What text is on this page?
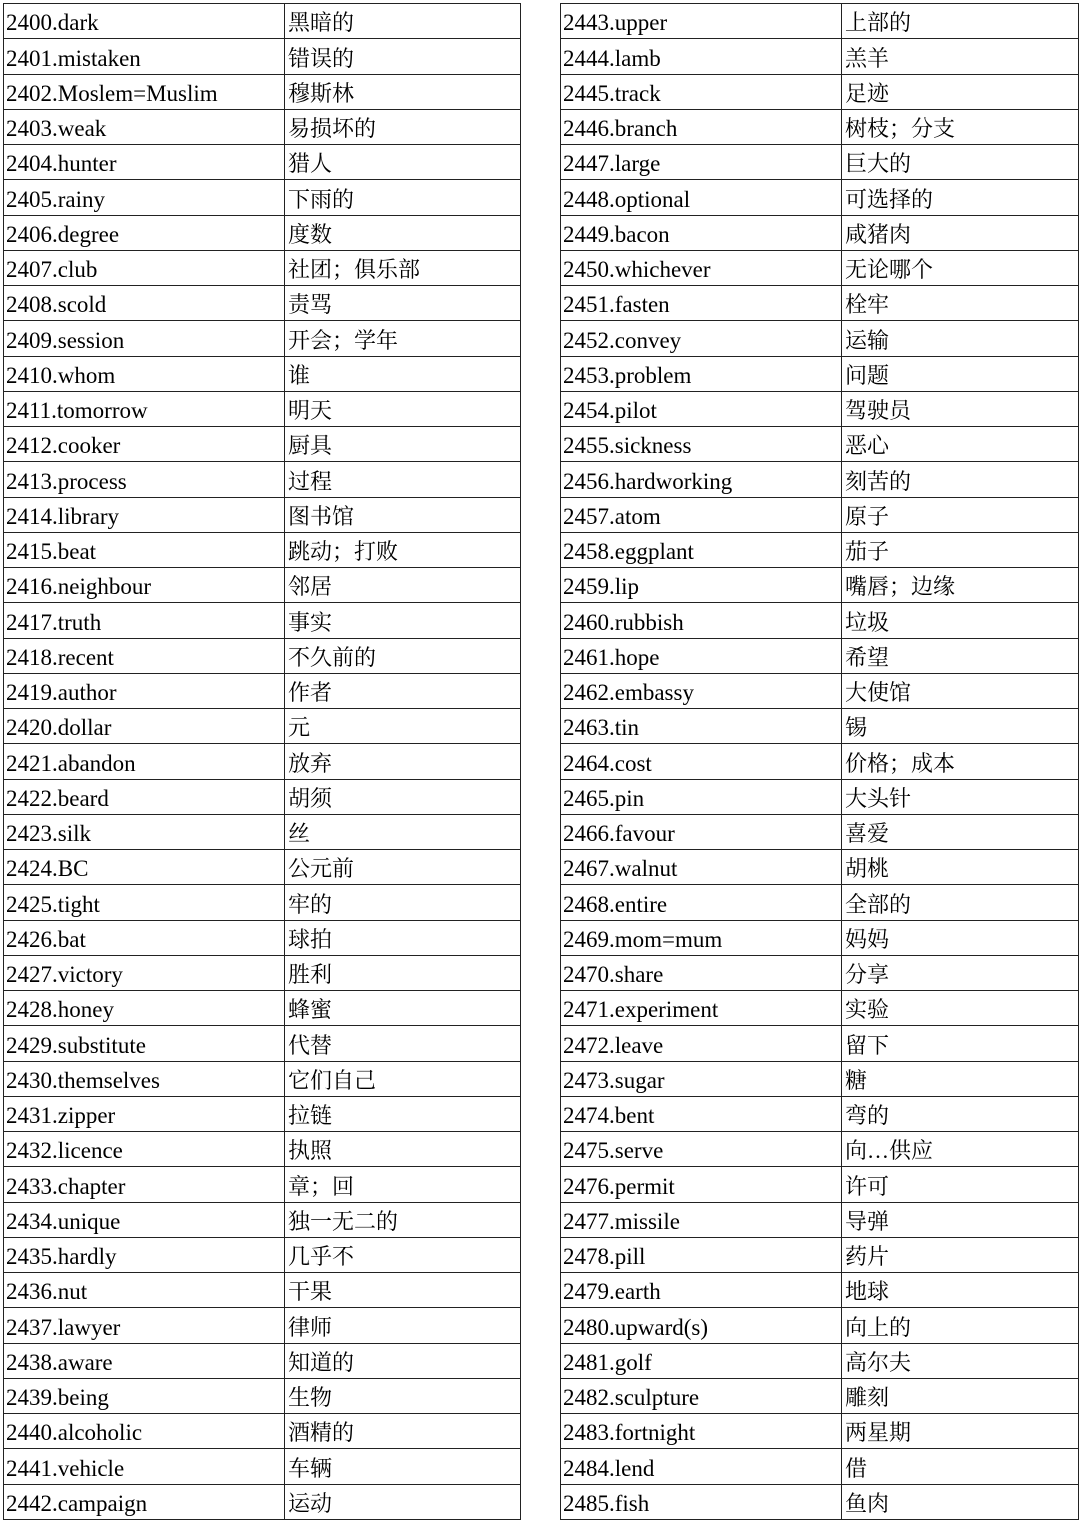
2400.dark	黑暗的
2401.mistaken	错误的
2402.Moslem=Muslim	穆斯林
2403.weak	易损坏的
2404.hunter	猎人
2405.rainy	下雨的
2406.degree	度数
2407.club	社团；俱乐部
2408.scold	责骂
2409.session	开会；学年
2410.whom	谁
2411.tomorrow	明天
2412.cooker	厨具
2413.process	过程
2414.library	图书馆
2415.beat	跳动；打败
2416.neighbour	邻居
2417.truth	事实
2418.recent	不久前的
2419.author	作者
2420.dollar	元
2421.abandon	放弃
2422.beard	胡须
2423.silk	丝
2424.BC	公元前
2425.tight	牢的
2426.bat	球拍
2427.victory	胜利
2428.honey	蜂蜜
2429.substitute	代替
2430.themselves	它们自己
2431.zipper	拉链
2432.licence	执照
2433.chapter	章；回
2434.unique	独一无二的
2435.hardly	几乎不
2436.nut	干果
2437.lawyer	律师
2438.aware	知道的
2439.being	生物
2440.alcoholic	酒精的
2441.vehicle	车辆
2442.campaign	运动
2443.upper	上部的
2444.lamb	羔羊
2445.track	足迹
2446.branch	树枝；分支
2447.large	巨大的
2448.optional	可选择的
2449.bacon	咸猪肉
2450.whichever	无论哪个
2451.fasten	栓牢
2452.convey	运输
2453.problem	问题
2454.pilot	驾驶员
2455.sickness	恶心
2456.hardworking	刻苦的
2457.atom	原子
2458.eggplant	茄子
2459.lip	嘴唇；边缘
2460.rubbish	垃圾
2461.hope	希望
2462.embassy	大使馆
2463.tin	锡
2464.cost	价格；成本
2465.pin	大头针
2466.favour	喜爱
2467.walnut	胡桃
2468.entire	全部的
2469.mom=mum	妈妈
2470.share	分享
2471.experiment	实验
2472.leave	留下
2473.sugar	糖
2474.bent	弯的
2475.serve	向…供应
2476.permit	许可
2477.missile	导弹
2478.pill	药片
2479.earth	地球
2480.upward(s)	向上的
2481.golf	高尔夫
2482.sculpture	雕刻
2483.fortnight	两星期
2484.lend	借
2485.fish	鱼肉
